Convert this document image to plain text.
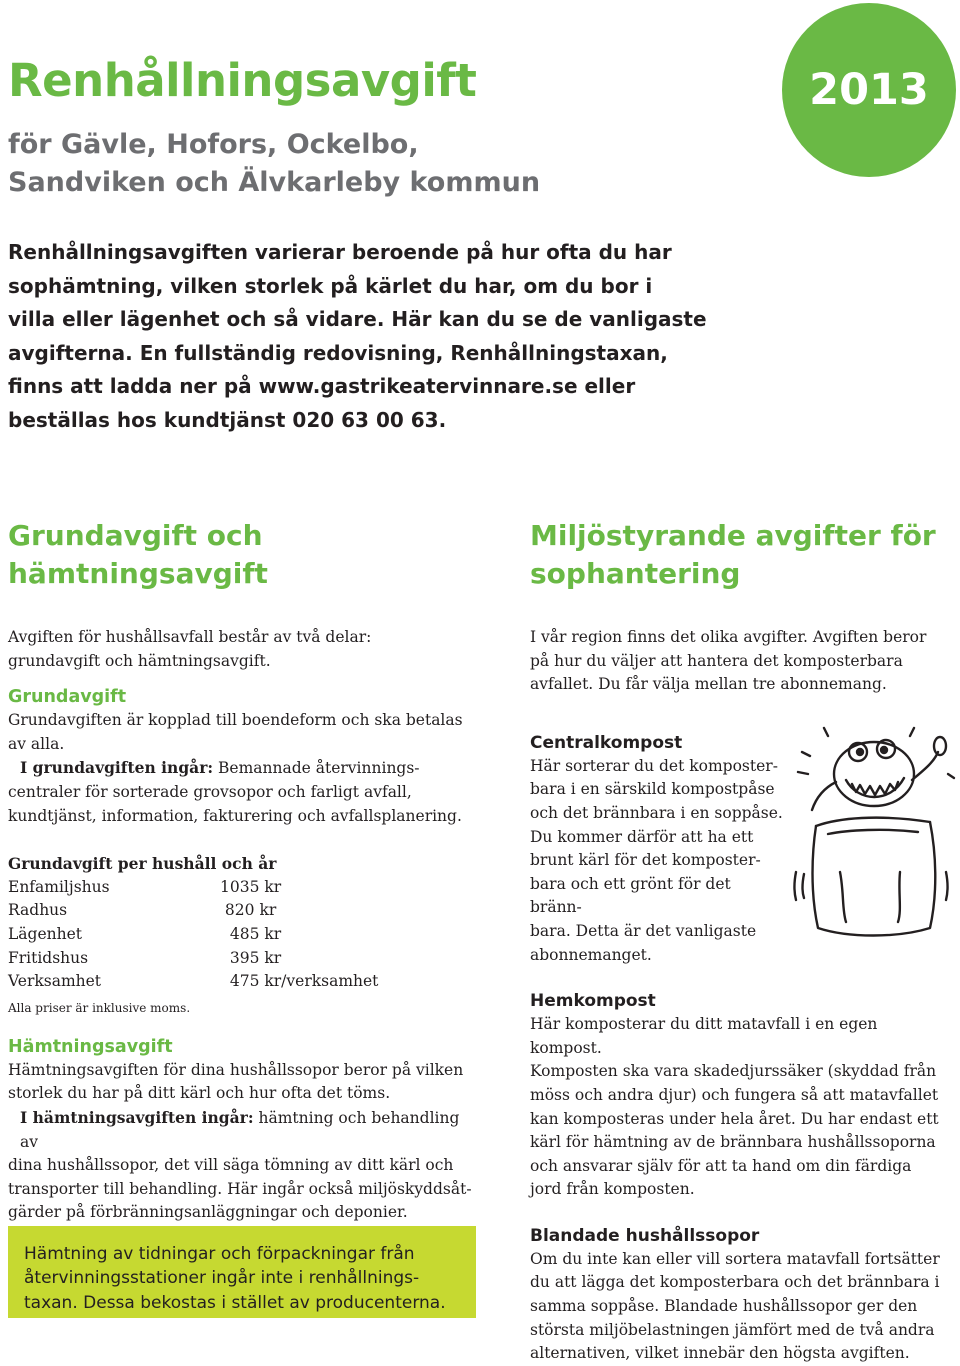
Renhållningsavgift
för Gävle, Hofors, Ockelbo,
Sandviken och Älvkarleby kommun
2013

Renhållningsavgiften varierar beroende på hur ofta du har

sophämtning, vilken storlek på kärlet du har, om du bor i

villa eller lägenhet och så vidare. Här kan du se de vanligaste

avgifterna. En fullständig redovisning, Renhållningstaxan,

finns att ladda ner på www.gastrikeatervinnare.se eller

beställas hos kundtjänst 020 63 00 63.

Grundavgift och
hämtningsavgift
Miljöstyrande avgifter för
sophantering
Avgiften för hushållsavfall består av två delar:
grundavgift och hämtningsavgift.
Grundavgift
Grundavgiften är kopplad till boendeform och ska betalas
av alla.
I grundavgiften ingår: Bemannade återvinnings-
centraler för sorterade grovsopor och farligt avfall,
kundtjänst, information, fakturering och avfallsplanering.
Grundavgift per hushåll och år
Enfamiljshus	1035 kr
Radhus	820 kr
Lägenhet	485 kr
Fritidshus	395 kr
Verksamhet	475 kr/verksamhet
Alla priser är inklusive moms.
Hämtningsavgift
Hämtningsavgiften för dina hushållssopor beror på vilken
storlek du har på ditt kärl och hur ofta det töms.
I hämtningsavgiften ingår: hämtning och behandling av
dina hushållssopor, det vill säga tömning av ditt kärl och
transporter till behandling. Här ingår också miljöskyddsåt-
gärder på förbränningsanläggningar och deponier.
Hämtning av tidningar och förpackningar från
återvinningsstationer ingår inte i renhållnings-
taxan. Dessa bekostas i stället av producenterna.
I vår region finns det olika avgifter. Avgiften beror
på hur du väljer att hantera det komposterbara
avfallet. Du får välja mellan tre abonnemang.
Centralkompost
Här sorterar du det komposter-
bara i en särskild kompostpåse
och det brännbara i en soppåse.
Du kommer därför att ha ett
brunt kärl för det komposter-
bara och ett grönt för det bränn-
bara. Detta är det vanligaste
abonnemanget.
Hemkompost
Här komposterar du ditt matavfall i en egen kompost.
Komposten ska vara skadedjurssäker (skyddad från
möss och andra djur) och fungera så att matavfallet
kan komposteras under hela året. Du har endast ett
kärl för hämtning av de brännbara hushållssoporna
och ansvarar själv för att ta hand om din färdiga
jord från komposten.
Blandade hushållssopor
Om du inte kan eller vill sortera matavfall fortsätter
du att lägga det komposterbara och det brännbara i
samma soppåse. Blandade hushållssopor ger den
största miljöbelastningen jämfört med de två andra
alternativen, vilket innebär den högsta avgiften.
